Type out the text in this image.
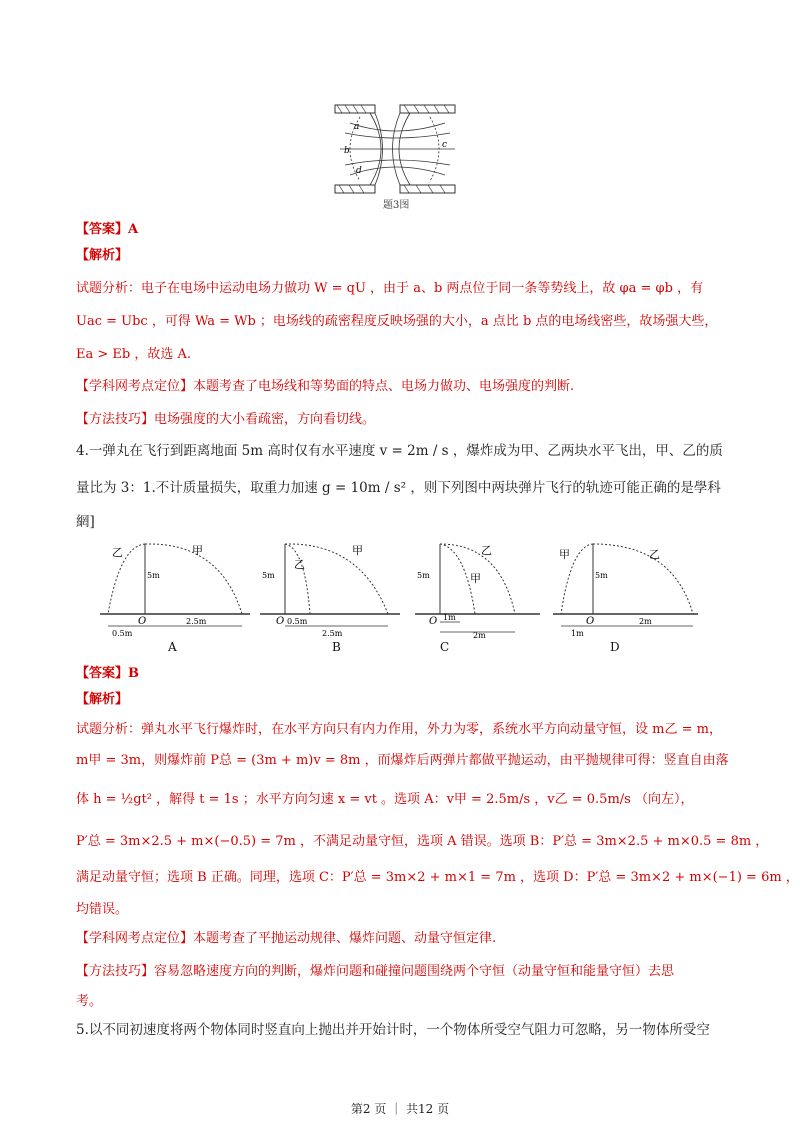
a
b
c
d
题3图
【答案】A
【解析】
试题分析：电子在电场中运动电场力做功 W = qU ，由于 a、b 两点位于同一条等势线上，故 φa = φb ，有
Uac = Ubc ，可得 Wa = Wb ；电场线的疏密程度反映场强的大小，a 点比 b 点的电场线密些，故场强大些，
Ea > Eb ，故选 A.
【学科网考点定位】本题考查了电场线和等势面的特点、电场力做功、电场强度的判断.
【方法技巧】电场强度的大小看疏密，方向看切线。
4.一弹丸在飞行到距离地面 5m 高时仅有水平速度 v = 2m / s ，爆炸成为甲、乙两块水平飞出，甲、乙的质
量比为 3：1.不计质量损失，取重力加速 g = 10m / s² ，则下列图中两块弹片飞行的轨迹可能正确的是學科
網]
乙	甲
5m
O
0.5m
2.5m
A
乙
甲
5m
O 0.5m
2.5m
B
乙
甲
5m
O 1m
2m
C
甲	乙
5m
O
1m
2m
D
【答案】B
【解析】
试题分析：弹丸水平飞行爆炸时，在水平方向只有内力作用，外力为零，系统水平方向动量守恒，设 m乙 = m，
m甲 = 3m，则爆炸前 P总 = (3m + m)v = 8m ，而爆炸后两弹片都做平抛运动，由平抛规律可得：竖直自由落
体 h = ½gt² ，解得 t = 1s ；水平方向匀速 x = vt 。选项 A：v甲 = 2.5m/s ，v乙 = 0.5m/s （向左），
P′总 = 3m×2.5 + m×(−0.5) = 7m ，不满足动量守恒，选项 A 错误。选项 B：P′总 = 3m×2.5 + m×0.5 = 8m ，
满足动量守恒；选项 B 正确。同理，选项 C：P′总 = 3m×2 + m×1 = 7m ，选项 D：P′总 = 3m×2 + m×(−1) = 6m ，
均错误。
【学科网考点定位】本题考查了平抛运动规律、爆炸问题、动量守恒定律.
【方法技巧】容易忽略速度方向的判断，爆炸问题和碰撞问题围绕两个守恒（动量守恒和能量守恒）去思
考。
5.以不同初速度将两个物体同时竖直向上抛出并开始计时，一个物体所受空气阻力可忽略，另一物体所受空
第2 页 ｜ 共12 页
